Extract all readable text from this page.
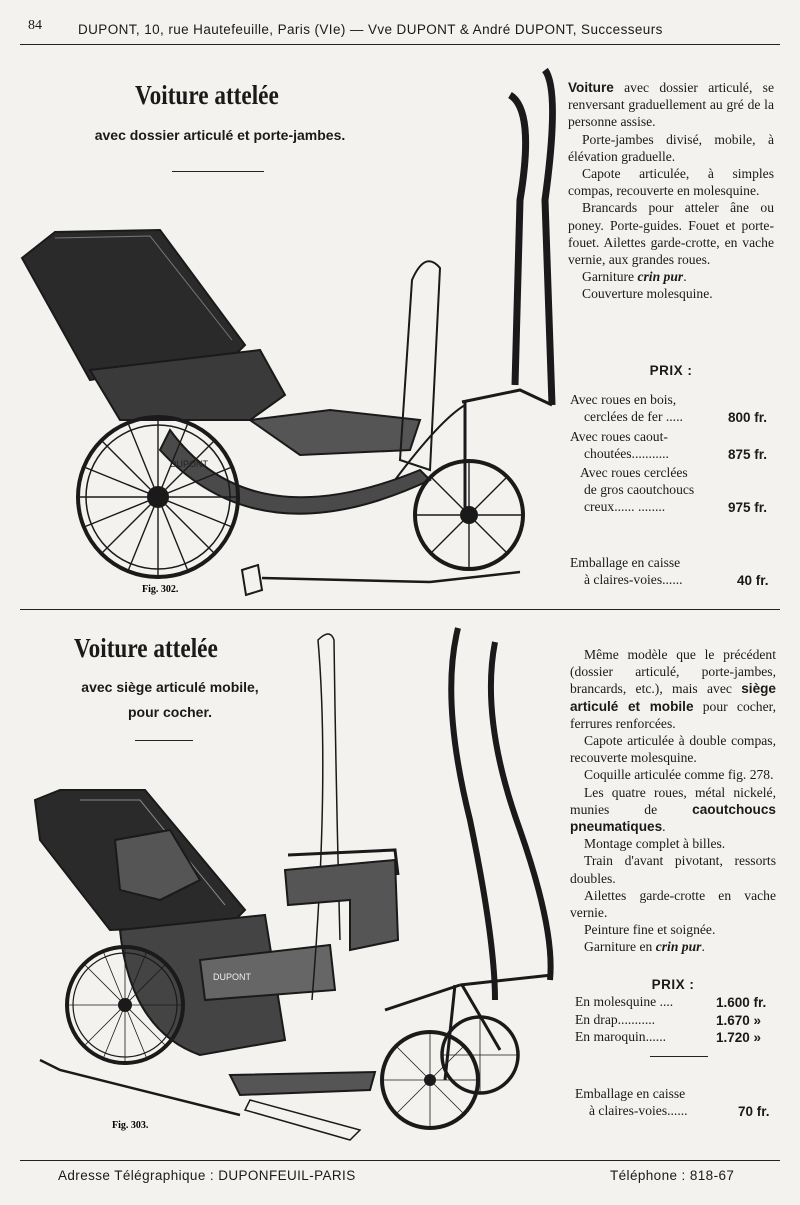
84	DUPONT, 10, rue Hautefeuille, Paris (VIe) — Vve DUPONT & André DUPONT, Successeurs
Voiture attelée
avec dossier articulé et porte-jambes.
Fig. 302.
DUPONT

Voiture avec dossier articulé, se renversant graduellement au gré de la personne assise.

Porte-jambes divisé, mobile, à élévation graduelle.

Capote articulée, à simples compas, recouverte en molesquine.

Brancards pour atteler âne ou poney. Porte-guides. Fouet et porte-fouet. Ailettes garde-crotte, en vache vernie, aux grandes roues.

Garniture crin pur.

Couverture molesquine.

PRIX :
Avec roues en bois,
cerclées de fer .....	800 fr.
Avec roues caout-
choutées...........	875 fr.
Avec roues cerclées
de gros caoutchoucs
creux...... ........	975 fr.
Emballage en caisse
à claires-voies......	40 fr.
Voiture attelée
avec siège articulé mobile,
pour cocher.
Fig. 303.
DUPONT

Même modèle que le précédent (dossier articulé, porte-jambes, brancards, etc.), mais avec siège articulé et mobile pour cocher, ferrures renforcées.

Capote articulée à double compas, recouverte molesquine.

Coquille articulée comme fig. 278.

Les quatre roues, métal nickelé, munies de caoutchoucs pneumatiques.

Montage complet à billes.

Train d'avant pivotant, ressorts doubles.

Ailettes garde-crotte en vache vernie.

Peinture fine et soignée.

Garniture en crin pur.

PRIX :
En molesquine ....	1.600 fr.
En drap...........	1.670 »
En maroquin......	1.720 »
Emballage en caisse
à claires-voies......	70 fr.
Adresse Télégraphique : DUPONFEUIL-PARIS	Téléphone : 818-67
